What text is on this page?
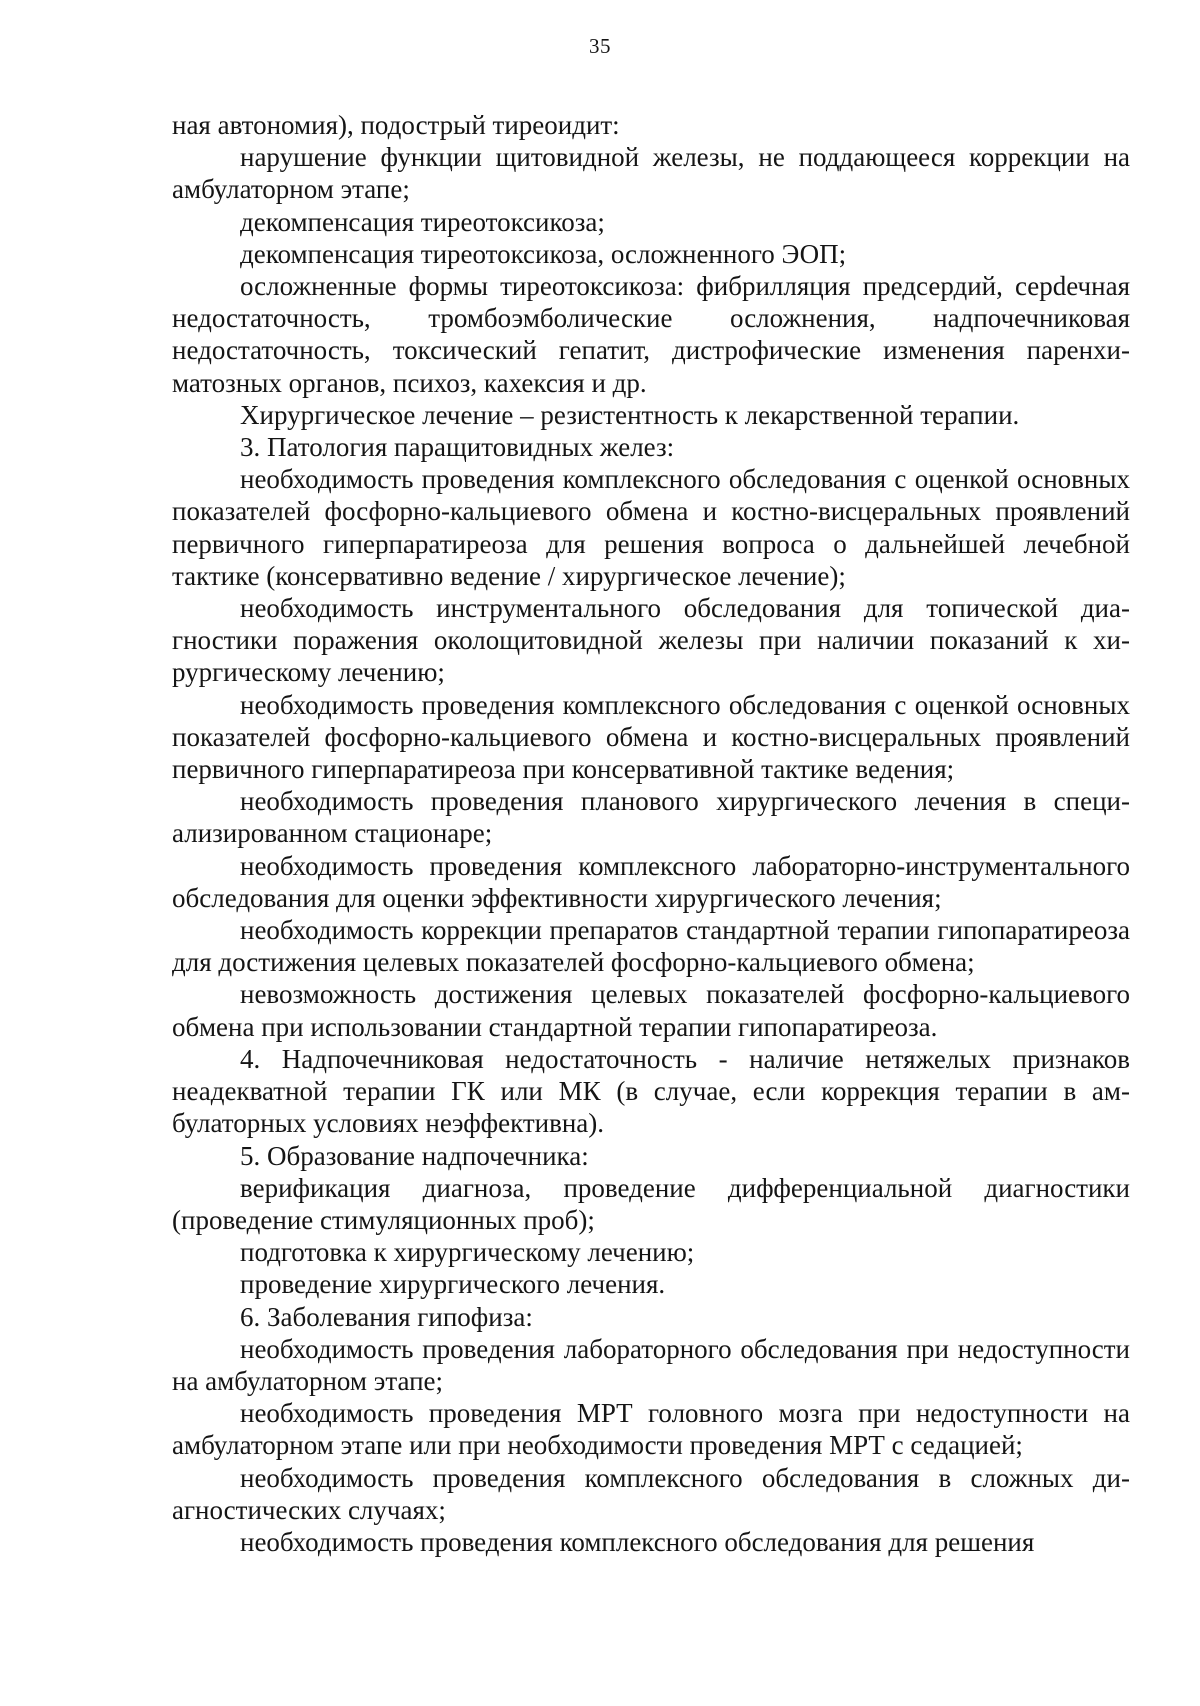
35

ная автономия), подострый тиреоидит:

нарушение функции щитовидной железы, не поддающееся коррекции на амбулаторном этапе;

декомпенсация тиреотоксикоза;

декомпенсация тиреотоксикоза, осложненного ЭОП;

осложненные формы тиреотоксикоза: фибрилляция предсердий, серdечная недостаточность, тромбоэмболические осложнения, надпочечниковая недостаточность, токсический гепатит, дистрофические изменения паренхиматозных органов, психоз, кахексия и др.

Хирургическое лечение – резистентность к лекарственной терапии.

3. Патология паращитовидных желез:

необходимость проведения комплексного обследования с оценкой основных показателей фосфорно-кальциевого обмена и костно-висцеральных проявлений первичного гиперпаратиреоза для решения вопроса о дальнейшей лечебной тактике (консервативно ведение / хирургическое лечение);

необходимость инструментального обследования для топической диагностики поражения околощитовидной железы при наличии показаний к хирургическому лечению;

необходимость проведения комплексного обследования с оценкой основных показателей фосфорно-кальциевого обмена и костно-висцеральных проявлений первичного гиперпаратиреоза при консервативной тактике ведения;

необходимость проведения планового хирургического лечения в специализированном стационаре;

необходимость проведения комплексного лабораторно-инструментального обследования для оценки эффективности хирургического лечения;

необходимость коррекции препаратов стандартной терапии гипопаратиреоза для достижения целевых показателей фосфорно-кальциевого обмена;

невозможность достижения целевых показателей фосфорно-кальциевого обмена при использовании стандартной терапии гипопаратиреоза.

4. Надпочечниковая недостаточность - наличие нетяжелых признаков неадекватной терапии ГК или МК (в случае, если коррекция терапии в амбулаторных условиях неэффективна).

5. Образование надпочечника:

верификация диагноза, проведение дифференциальной диагностики (проведение стимуляционных проб);

подготовка к хирургическому лечению;

проведение хирургического лечения.

6. Заболевания гипофиза:

необходимость проведения лабораторного обследования при недоступности на амбулаторном этапе;

необходимость проведения МРТ головного мозга при недоступности на амбулаторном этапе или при необходимости проведения МРТ с седацией;

необходимость проведения комплексного обследования в сложных диагностических случаях;

необходимость проведения комплексного обследования для решения
